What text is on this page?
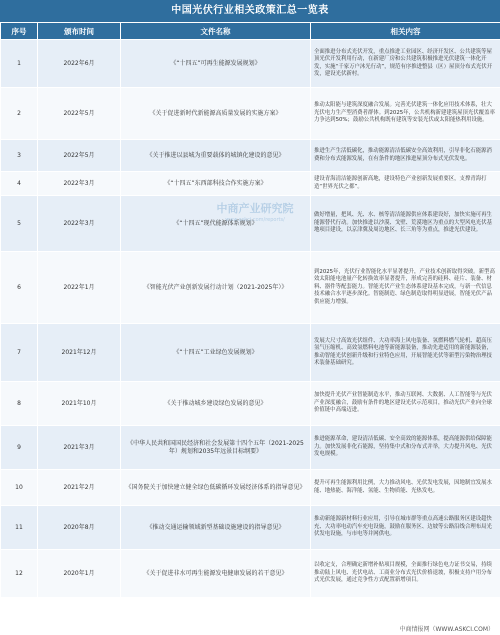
中国光伏行业相关政策汇总一览表
序号	颁布时间	文件名称	相关内容
1	2022年6月	《“十四五”可再生能源发展规划》	全面推进分布式光伏开发，重点推进工业园区、经济开发区、公共建筑等屋顶光伏开发利用行动，在新建厂房和公共建筑积极推进光伏建筑一体化开发，实施“千家万户沐光行动”，规范有序推进整县（区）屋顶分布式光伏开发，建设光伏新村。
2	2022年5月	《关于促进新时代新能源高质量发展的实施方案》	推动太阳能与建筑深度融合发展。完善光伏建筑一体化应用技术体系，壮大光伏电力生产型消费者群体。到2025年，公共机构新建建筑屋顶光伏覆盖率力争达到50%；鼓励公共机构既有建筑等安装光伏或太阳能热利用设施。
3	2022年5月	《关于推进以县城为重要载体的城镇化建设的意见》	推进生产生活低碳化，推动能源清洁低碳安全高效利用，引导非化石能源消费和分布式能源发展，在有条件的地区推进屋顶分布式光伏发电。
4	2022年3月	《“十四五”东西部科技合作实施方案》	建设青海清洁能源创新高地，建设特色产业创新发展重要区，支撑青海打造“世界光伏之都”。
5	2022年3月	《“十四五”现代能源体系规划》	做好增量，把风、光、水、核等清洁能源供应体系建设好，加快实施可再生能源替代行动。加快推进以沙漠、戈壁、荒漠地区为重点的大型风电光伏基地项目建设，以京津冀及周边地区、长三角等为重点，推进光伏建设。
6	2022年1月	《智能光伏产业创新发展行动计划（2021-2025年）》	到2025年，光伏行业智能化水平显著提升，产业技术创新取得突破。新型高效太阳能电池量产化转换效率显著提升，形成完善的硅料、硅片、装备、材料、器件等配套能力。智能光伏产业生态体系建设基本完成，与新一代信息技术融合水平逐步深化。智能制造、绿色制造取得明显进展，智能光伏产品供应能力增强。
7	2021年12月	《“十四五”工业绿色发展规划》	发展大尺寸高效光伏组件、大功率海上风电装备、氢燃料燃气轮机、超高压氢气压缩机、高效氢燃料电池等新能源装备，推动先进适用的新能源装备，推动智能光伏创新升级和行业特色应用，开展智能光伏等新型污染物治理技术装备基础研究。
8	2021年10月	《关于推动城乡建设绿色发展的意见》	加快提升光伏产业智能制造水平，推动互联网、大数据、人工智能等与光伏产业深度融合，鼓励有条件的地区建设光伏示范项目，推动光伏产业向全球价值链中高端迈进。
9	2021年3月	《中华人民共和国国民经济和社会发展第十四个五年（2021-2025年）规划和2035年远景目标纲要》	推进能源革命，建设清洁低碳、安全高效的能源体系，提高能源供给保障能力。加快发展非化石能源，坚持集中式和分布式并举，大力提升风电、光伏发电规模。
10	2021年2月	《国务院关于加快建立健全绿色低碳循环发展经济体系的指导意见》	提升可再生能源利用比例，大力推动风电、光伏发电发展，因地制宜发展水能、地热能、海洋能、氢能、生物质能、光热发电。
11	2020年8月	《推动交通运输领域新型基础设施建设的指导意见》	推动新能源新材料行业应用，引导在城市群等重点高速公路服务区建设超快充、大功率电动汽车充电设施，鼓励在服务区、边坡等公路沿线合理布局光伏发电设施，与市电等并网供电。
12	2020年1月	《关于促进非水可再生能源发电健康发展的若干意见》	以收定支，合理确定新增补贴项目规模，全面推行绿色电力证书交易，持续推动陆上风电、光伏电站、工商业分布式光伏价格退坡，积极支持户用分布式光伏发展，通过竞争性方式配置新增项目。
中商产业研究院
www.askci.com/reports/
中商情报网（WWW.ASKCI.COM）
